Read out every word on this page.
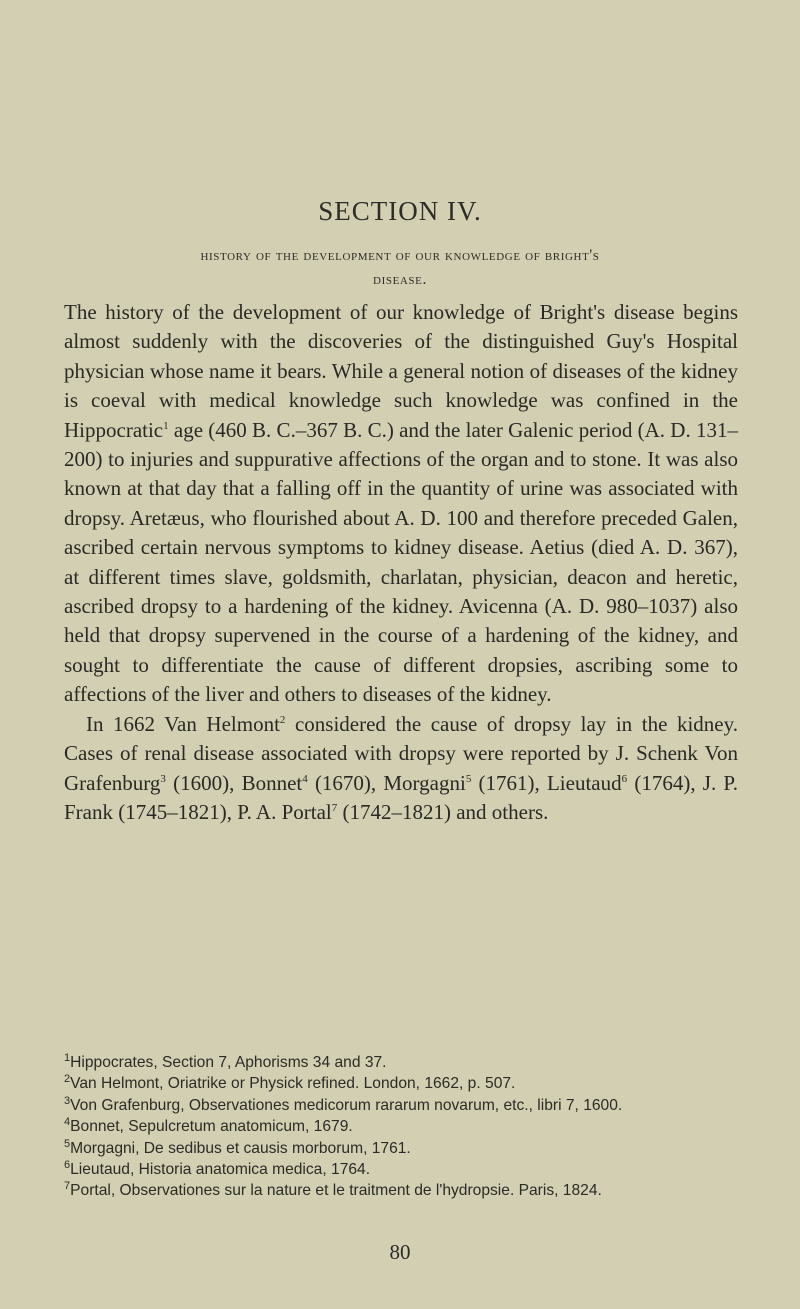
SECTION IV.
history of the development of our knowledge of bright's
disease.

The history of the development of our knowledge of Bright's disease begins almost suddenly with the discoveries of the distinguished Guy's Hospital physician whose name it bears. While a general notion of diseases of the kidney is coeval with medical knowledge such knowledge was confined in the Hippocratic$^1$ age (460 B. C.–367 B. C.) and the later Galenic period (A. D. 131–200) to injuries and suppurative affections of the organ and to stone. It was also known at that day that a falling off in the quantity of urine was associated with dropsy. Aretæus, who flourished about A. D. 100 and therefore preceded Galen, ascribed certain nervous symptoms to kidney disease. Aetius (died A. D. 367), at different times slave, goldsmith, charlatan, physician, deacon and heretic, ascribed dropsy to a hardening of the kidney. Avicenna (A. D. 980–1037) also held that dropsy supervened in the course of a hardening of the kidney, and sought to differentiate the cause of different dropsies, ascribing some to affections of the liver and others to diseases of the kidney.

In 1662 Van Helmont$^2$ considered the cause of dropsy lay in the kidney. Cases of renal disease associated with dropsy were reported by J. Schenk Von Grafenburg$^3$ (1600), Bonnet$^4$ (1670), Morgagni$^5$ (1761), Lieutaud$^6$ (1764), J. P. Frank (1745–1821), P. A. Portal$^7$ (1742–1821) and others.

$^1$Hippocrates, Section 7, Aphorisms 34 and 37.
$^2$Van Helmont, Oriatrike or Physick refined. London, 1662, p. 507.
$^3$Von Grafenburg, Observationes medicorum rararum novarum, etc., libri 7, 1600.
$^4$Bonnet, Sepulcretum anatomicum, 1679.
$^5$Morgagni, De sedibus et causis morborum, 1761.
$^6$Lieutaud, Historia anatomica medica, 1764.
$^7$Portal, Observationes sur la nature et le traitment de l'hydropsie. Paris, 1824.
80
